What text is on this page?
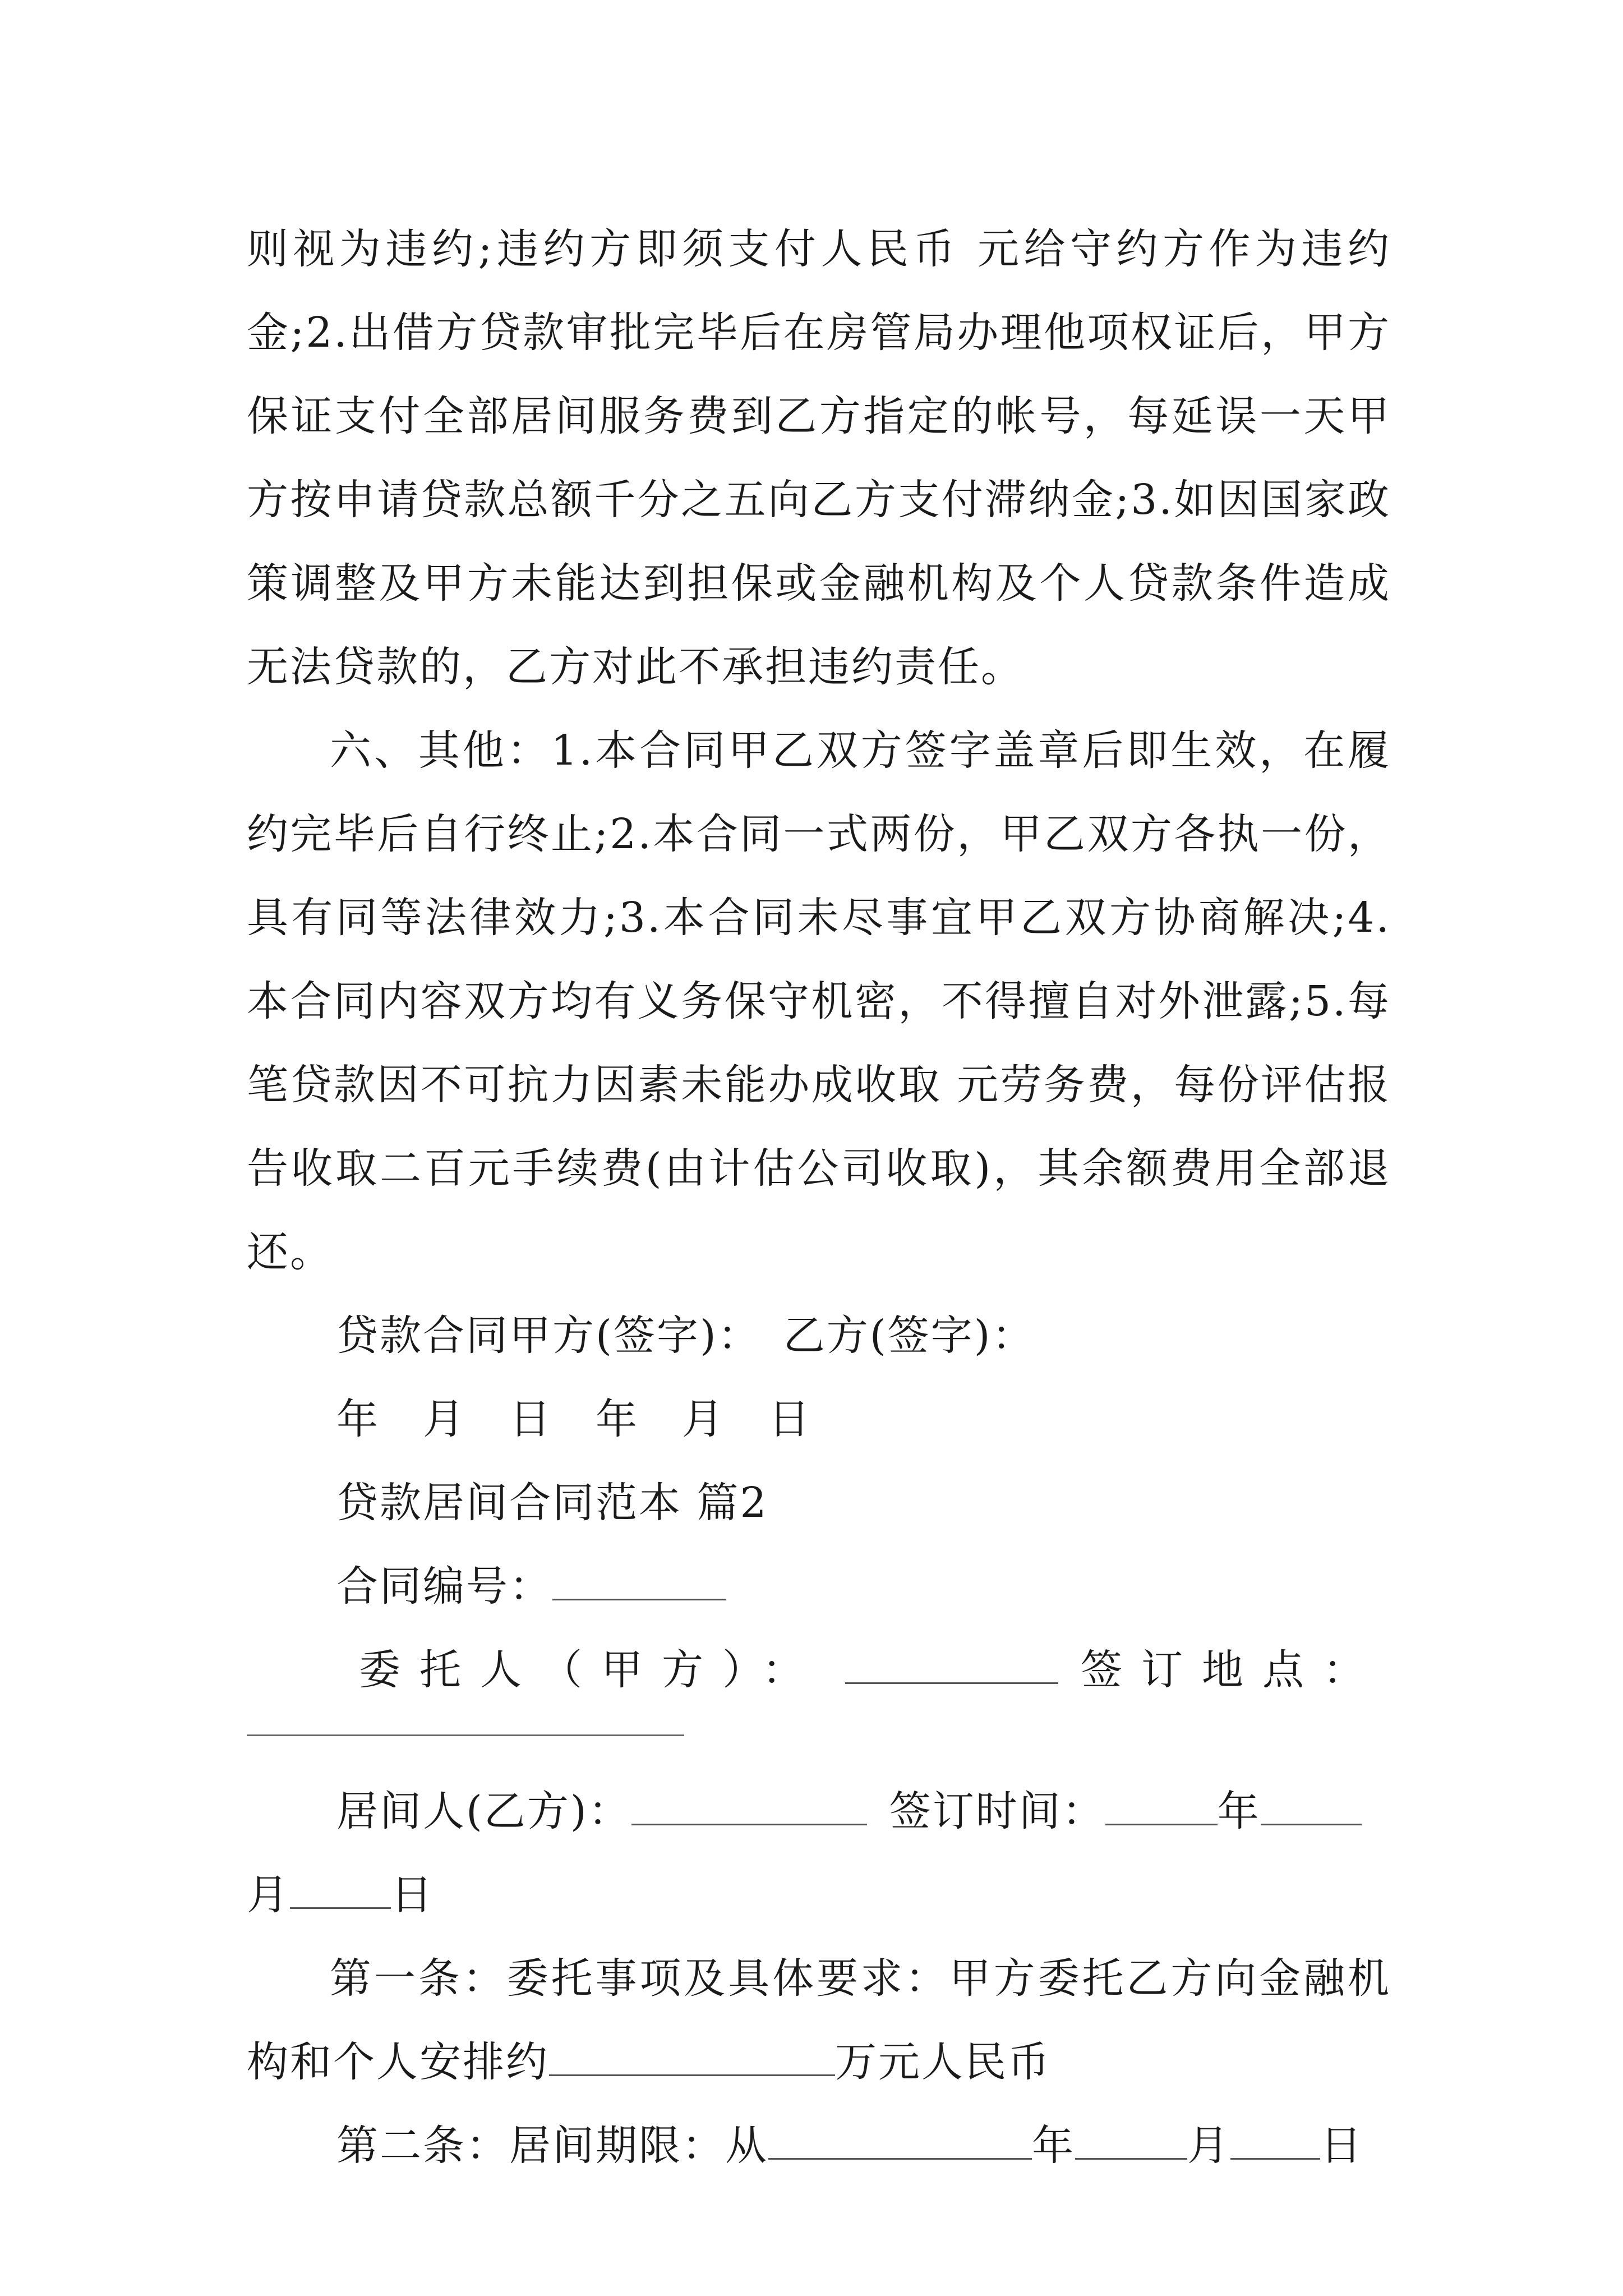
则视为违约;违约方即须支付人民币 元给守约方作为违约金;2.出借方贷款审批完毕后在房管局办理他项权证后，甲方保证支付全部居间服务费到乙方指定的帐号，每延误一天甲方按申请贷款总额千分之五向乙方支付滞纳金;3.如因国家政策调整及甲方未能达到担保或金融机构及个人贷款条件造成无法贷款的，乙方对此不承担违约责任。

六、其他：1.本合同甲乙双方签字盖章后即生效，在履约完毕后自行终止;2.本合同一式两份，甲乙双方各执一份，具有同等法律效力;3.本合同未尽事宜甲乙双方协商解决;4.本合同内容双方均有义务保守机密，不得擅自对外泄露;5.每笔贷款因不可抗力因素未能办成收取 元劳务费，每份评估报告收取二百元手续费(由计估公司收取)，其余额费用全部退还。

贷款合同甲方(签字)：　乙方(签字)：

年　月　日　年　月　日

贷款居间合同范本 篇2

合同编号：

委托人（甲方）：	签订地点：

居间人(乙方)：	签订时间：	年

月 日

第一条：委托事项及具体要求：甲方委托乙方向金融机构和个人安排约	万元人民币

第二条：居间期限：从	年	月 日
